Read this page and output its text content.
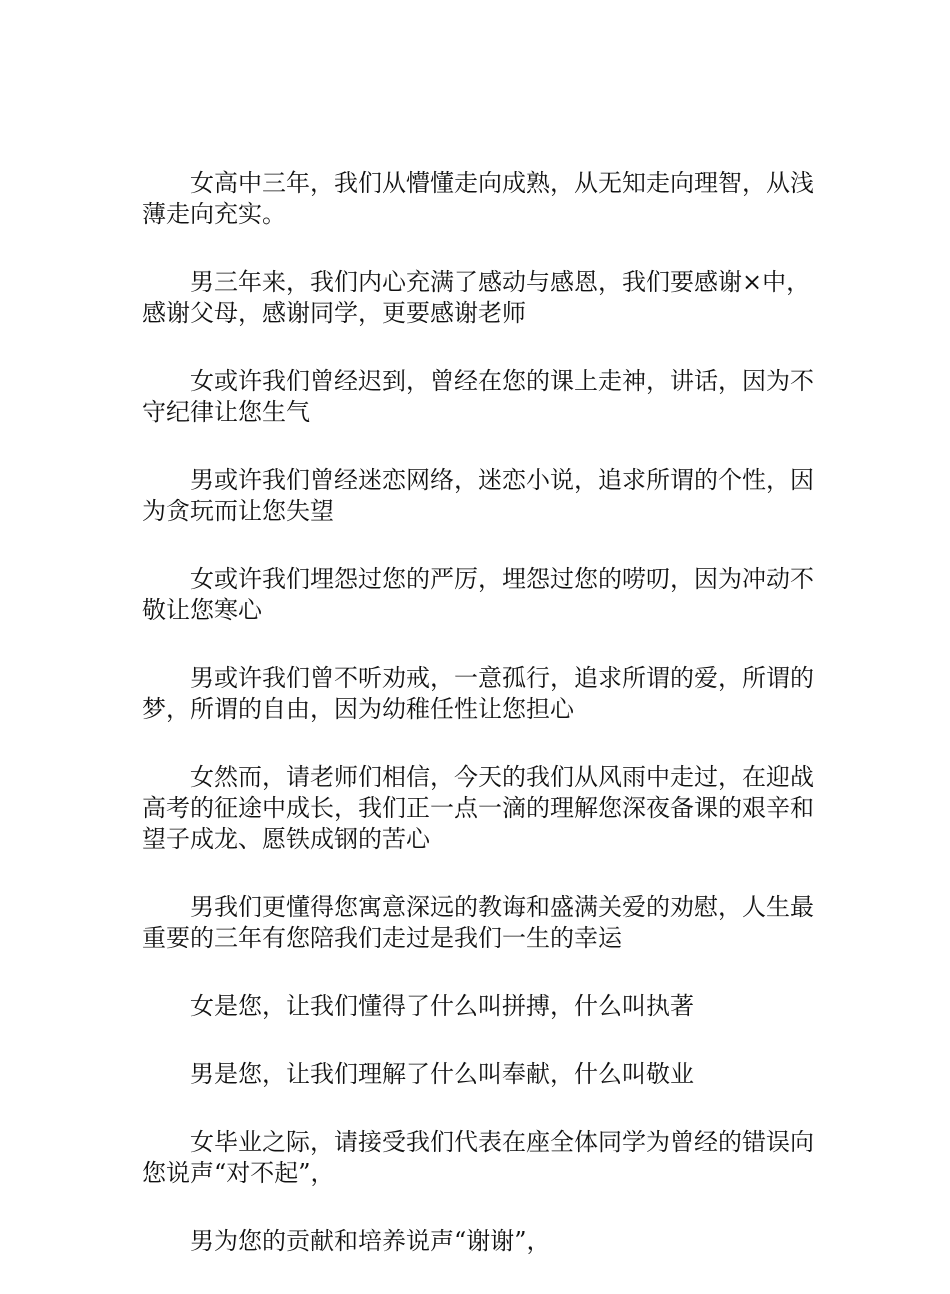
女高中三年，我们从懵懂走向成熟，从无知走向理智，从浅薄走向充实。

男三年来，我们内心充满了感动与感恩，我们要感谢×中，感谢父母，感谢同学，更要感谢老师

女或许我们曾经迟到，曾经在您的课上走神，讲话，因为不守纪律让您生气

男或许我们曾经迷恋网络，迷恋小说，追求所谓的个性，因为贪玩而让您失望

女或许我们埋怨过您的严厉，埋怨过您的唠叨，因为冲动不敬让您寒心

男或许我们曾不听劝戒，一意孤行，追求所谓的爱，所谓的梦，所谓的自由，因为幼稚任性让您担心

女然而，请老师们相信，今天的我们从风雨中走过，在迎战高考的征途中成长，我们正一点一滴的理解您深夜备课的艰辛和望子成龙、愿铁成钢的苦心

男我们更懂得您寓意深远的教诲和盛满关爱的劝慰，人生最重要的三年有您陪我们走过是我们一生的幸运

女是您，让我们懂得了什么叫拼搏，什么叫执著

男是您，让我们理解了什么叫奉献，什么叫敬业

女毕业之际，请接受我们代表在座全体同学为曾经的错误向您说声“对不起”，

男为您的贡献和培养说声“谢谢”，
